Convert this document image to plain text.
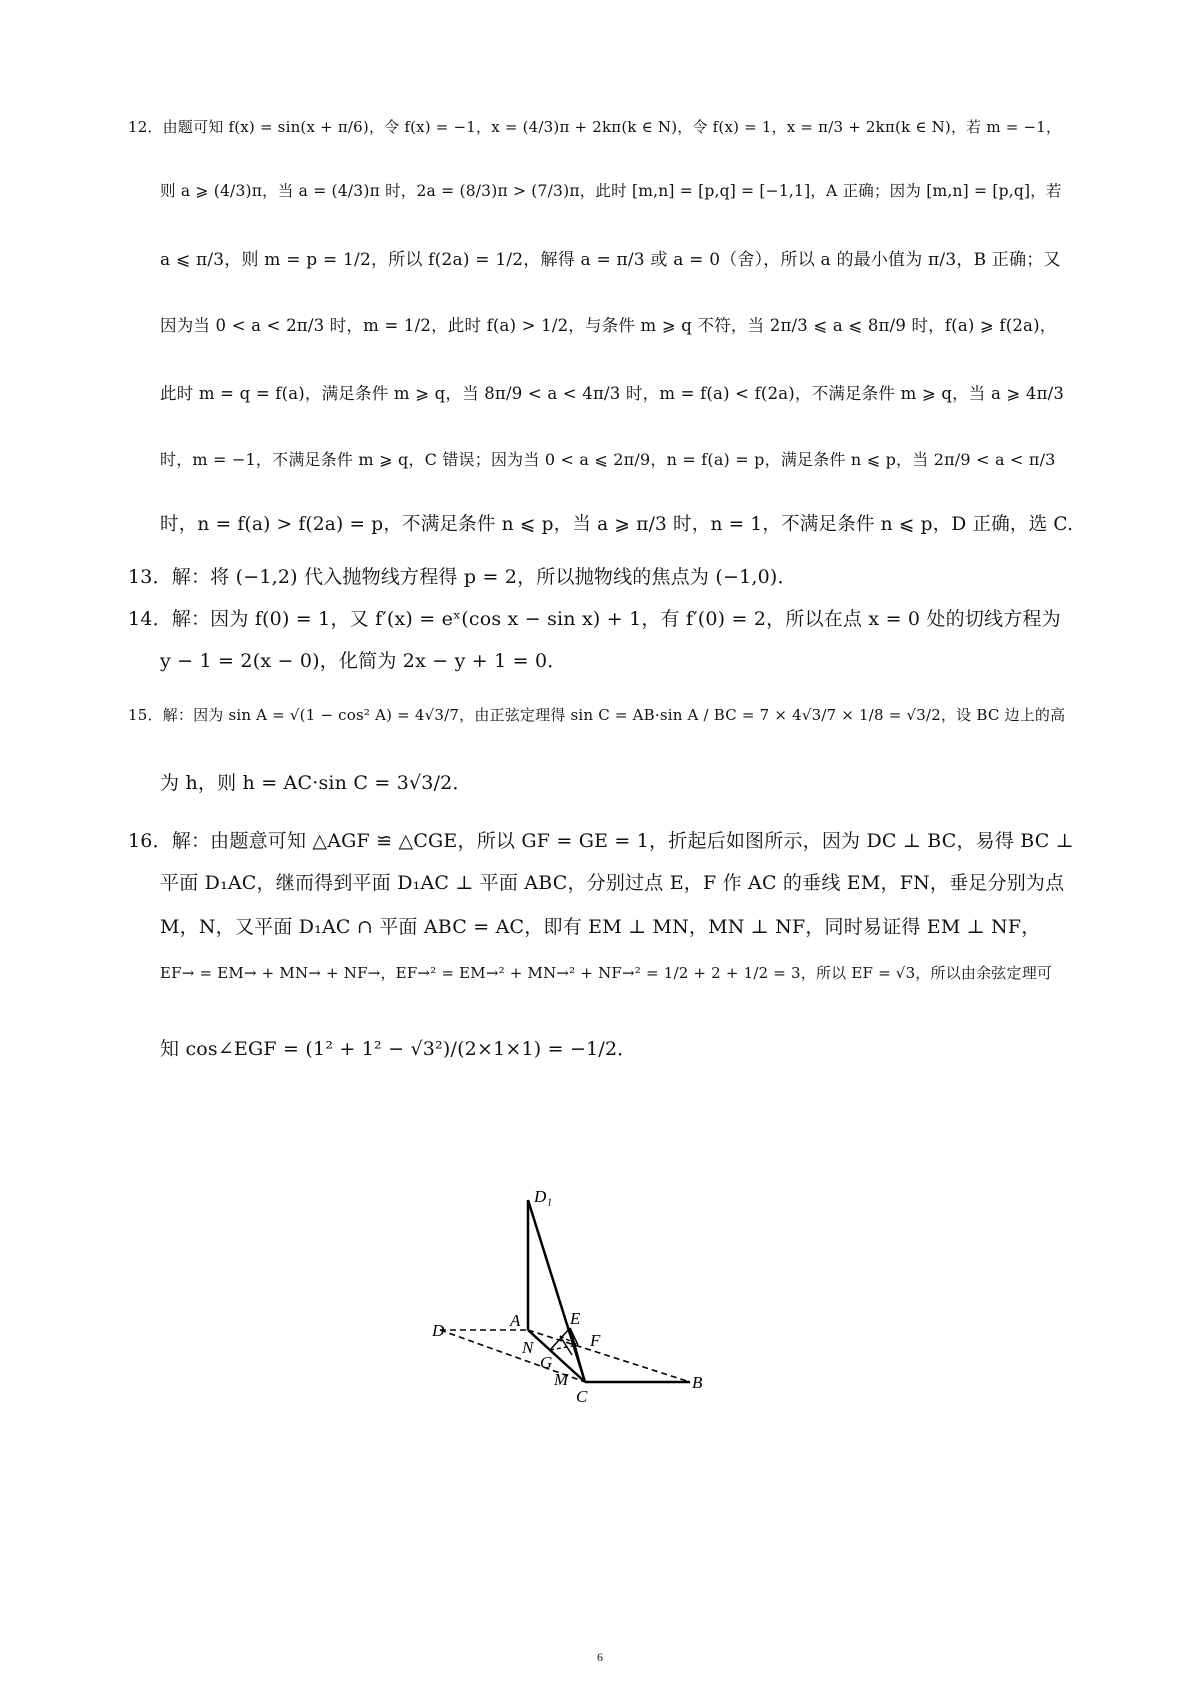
12．由题可知 f(x) = sin(x + π/6)，令 f(x) = −1，x = (4/3)π + 2kπ(k ∈ N)，令 f(x) = 1，x = π/3 + 2kπ(k ∈ N)，若 m = −1，
则 a ⩾ (4/3)π，当 a = (4/3)π 时，2a = (8/3)π > (7/3)π，此时 [m,n] = [p,q] = [−1,1]，A 正确；因为 [m,n] = [p,q]，若
a ⩽ π/3，则 m = p = 1/2，所以 f(2a) = 1/2，解得 a = π/3 或 a = 0（舍），所以 a 的最小值为 π/3，B 正确；又
因为当 0 < a < 2π/3 时，m = 1/2，此时 f(a) > 1/2，与条件 m ⩾ q 不符，当 2π/3 ⩽ a ⩽ 8π/9 时，f(a) ⩾ f(2a)，
此时 m = q = f(a)，满足条件 m ⩾ q，当 8π/9 < a < 4π/3 时，m = f(a) < f(2a)，不满足条件 m ⩾ q，当 a ⩾ 4π/3
时，m = −1，不满足条件 m ⩾ q，C 错误；因为当 0 < a ⩽ 2π/9，n = f(a) = p，满足条件 n ⩽ p，当 2π/9 < a < π/3
时，n = f(a) > f(2a) = p，不满足条件 n ⩽ p，当 a ⩾ π/3 时，n = 1，不满足条件 n ⩽ p，D 正确，选 C.
13．解：将 (−1,2) 代入抛物线方程得 p = 2，所以抛物线的焦点为 (−1,0)．
14．解：因为 f(0) = 1，又 f′(x) = eˣ(cos x − sin x) + 1，有 f′(0) = 2，所以在点 x = 0 处的切线方程为
y − 1 = 2(x − 0)，化简为 2x − y + 1 = 0．
15．解：因为 sin A = √(1 − cos² A) = 4√3/7，由正弦定理得 sin C = AB·sin A / BC = 7 × 4√3/7 × 1/8 = √3/2，设 BC 边上的高
为 h，则 h = AC·sin C = 3√3/2．
16．解：由题意可知 △AGF ≌ △CGE，所以 GF = GE = 1，折起后如图所示，因为 DC ⊥ BC，易得 BC ⊥
平面 D₁AC，继而得到平面 D₁AC ⊥ 平面 ABC，分别过点 E，F 作 AC 的垂线 EM，FN，垂足分别为点
M，N，又平面 D₁AC ∩ 平面 ABC = AC，即有 EM ⊥ MN，MN ⊥ NF，同时易证得 EM ⊥ NF，
EF→ = EM→ + MN→ + NF→，EF→² = EM→² + MN→² + NF→² = 1/2 + 2 + 1/2 = 3，所以 EF = √3，所以由余弦定理可
知 cos∠EGF = (1² + 1² − √3²)/(2×1×1) = −1/2．
D₁
A
D
E
F
N
G
M
C
B
6
